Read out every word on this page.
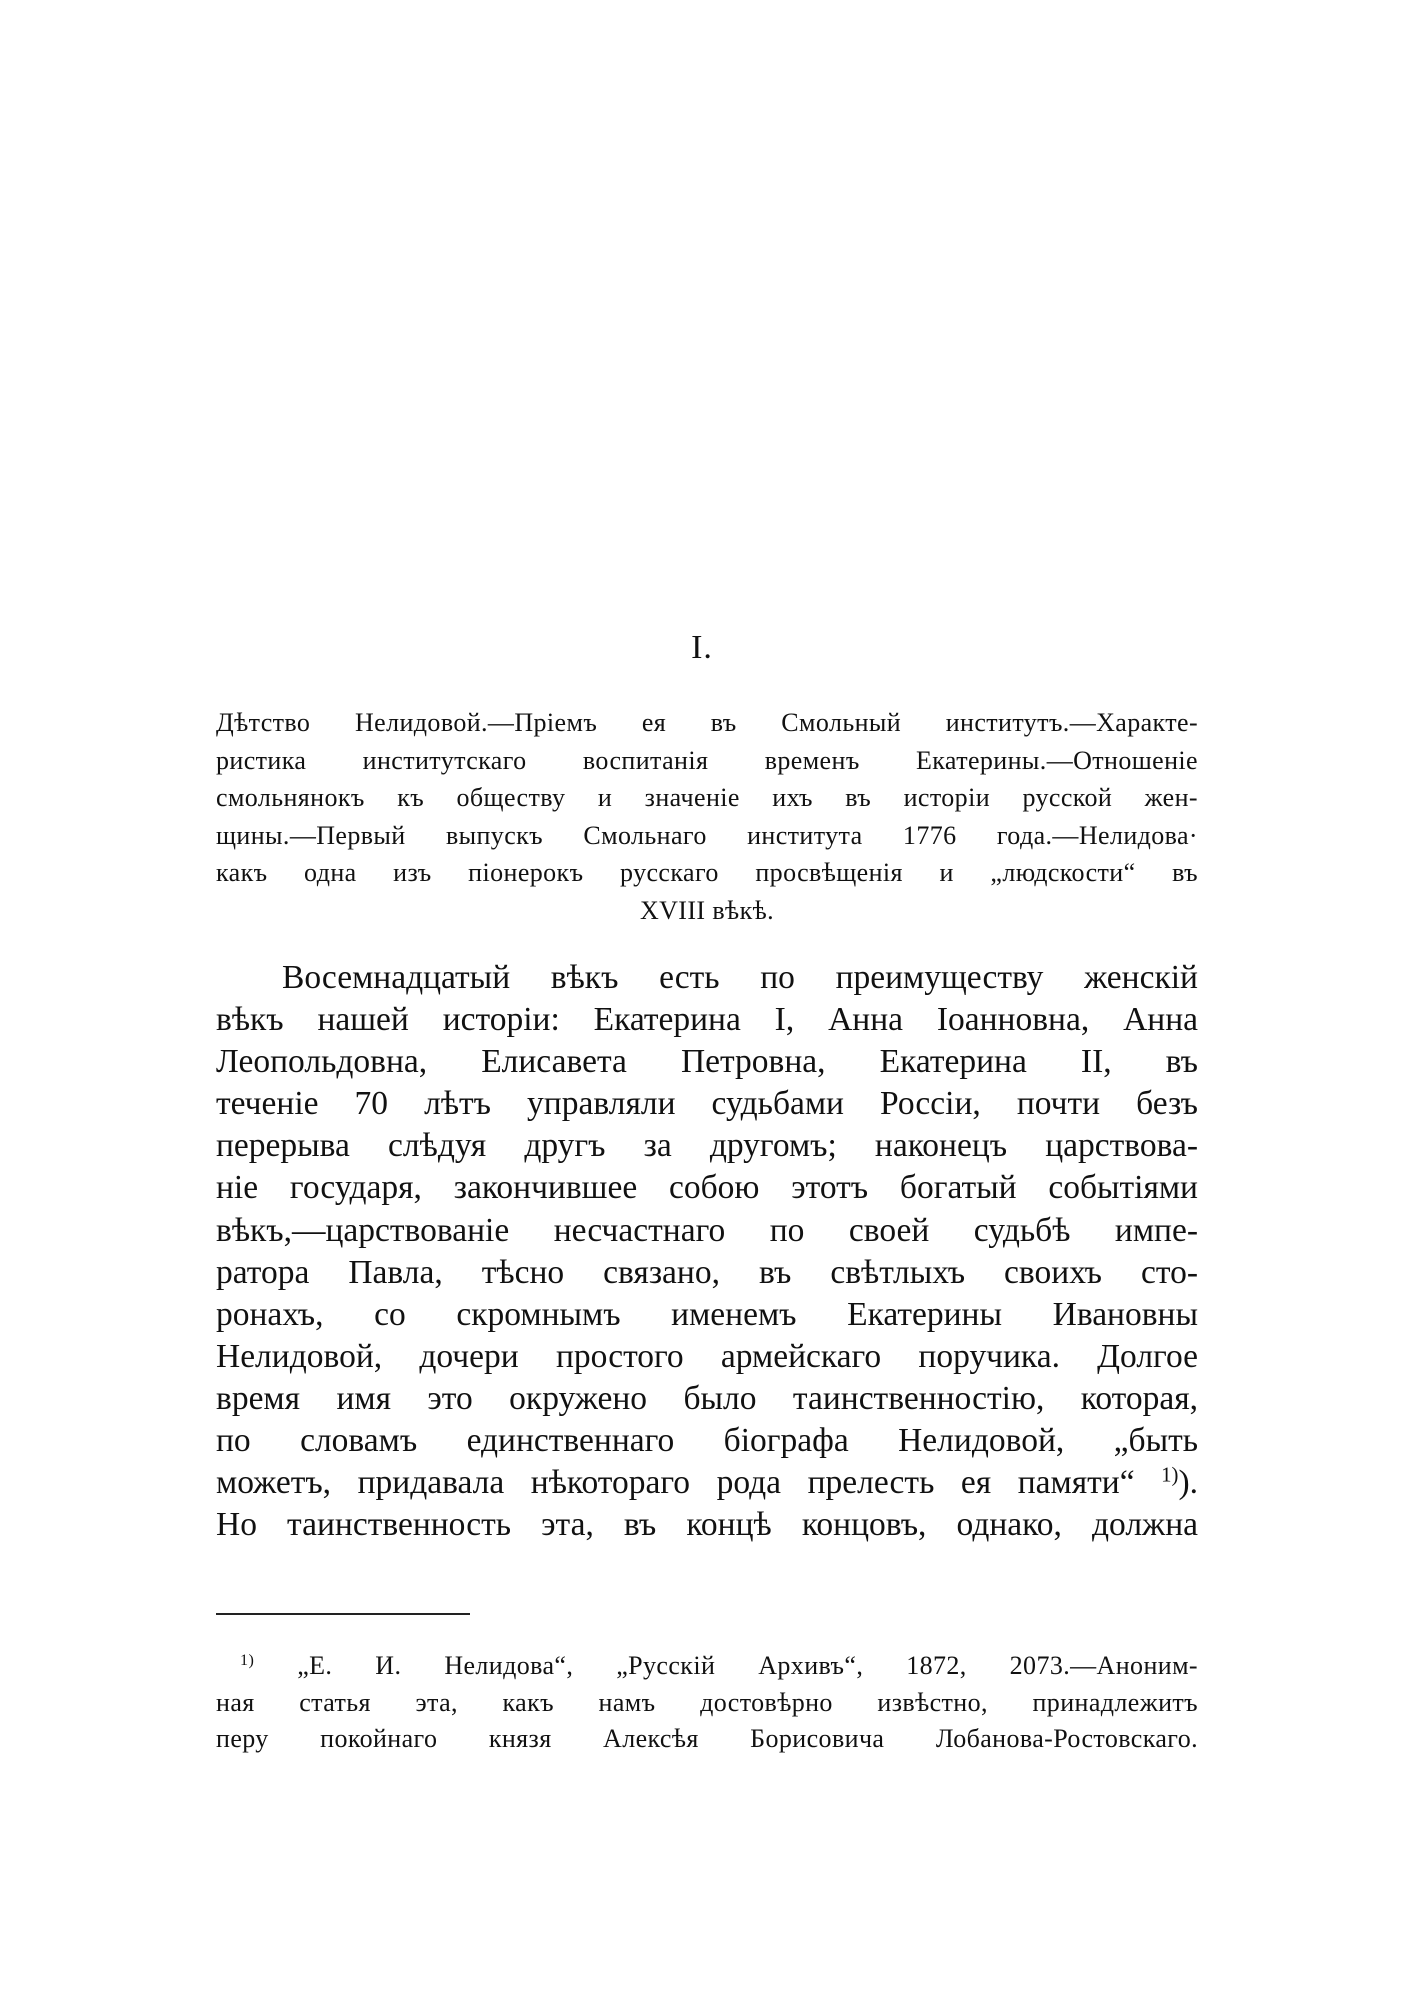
I.
Дѣтство Нелидовой.—Пріемъ ея въ Смольный институтъ.—Характе-
ристика институтскаго воспитанія временъ Екатерины.—Отношеніе
смольнянокъ къ обществу и значеніе ихъ въ исторіи русской жен-
щины.—Первый выпускъ Смольнаго института 1776 года.—Нелидова·
какъ одна изъ піонерокъ русскаго просвѣщенія и „людскости“ въ
XVIII вѣкѣ.
Восемнадцатый вѣкъ есть по преимуществу женскій
вѣкъ нашей исторіи: Екатерина I, Анна Іоанновна, Анна
Леопольдовна, Елисавета Петровна, Екатерина II, въ
теченіе 70 лѣтъ управляли судьбами Россіи, почти безъ
перерыва слѣдуя другъ за другомъ; наконецъ царствова-
ніе государя, закончившее собою этотъ богатый событіями
вѣкъ,—царствованіе несчастнаго по своей судьбѣ импе-
ратора Павла, тѣсно связано, въ свѣтлыхъ своихъ сто-
ронахъ, со скромнымъ именемъ Екатерины Ивановны
Нелидовой, дочери простого армейскаго поручика. Долгое
время имя это окружено было таинственностію, которая,
по словамъ единственнаго біографа Нелидовой, „быть
можетъ, придавала нѣкотораго рода прелесть ея памяти“ $^{1)}$).
Но таинственность эта, въ концѣ концовъ, однако, должна
$^{1)}$ „Е. И. Нелидова“, „Русскій Архивъ“, 1872, 2073.—Аноним-
ная статья эта, какъ намъ достовѣрно извѣстно, принадлежитъ
перу покойнаго князя Алексѣя Борисовича Лобанова-Ростовскаго.
